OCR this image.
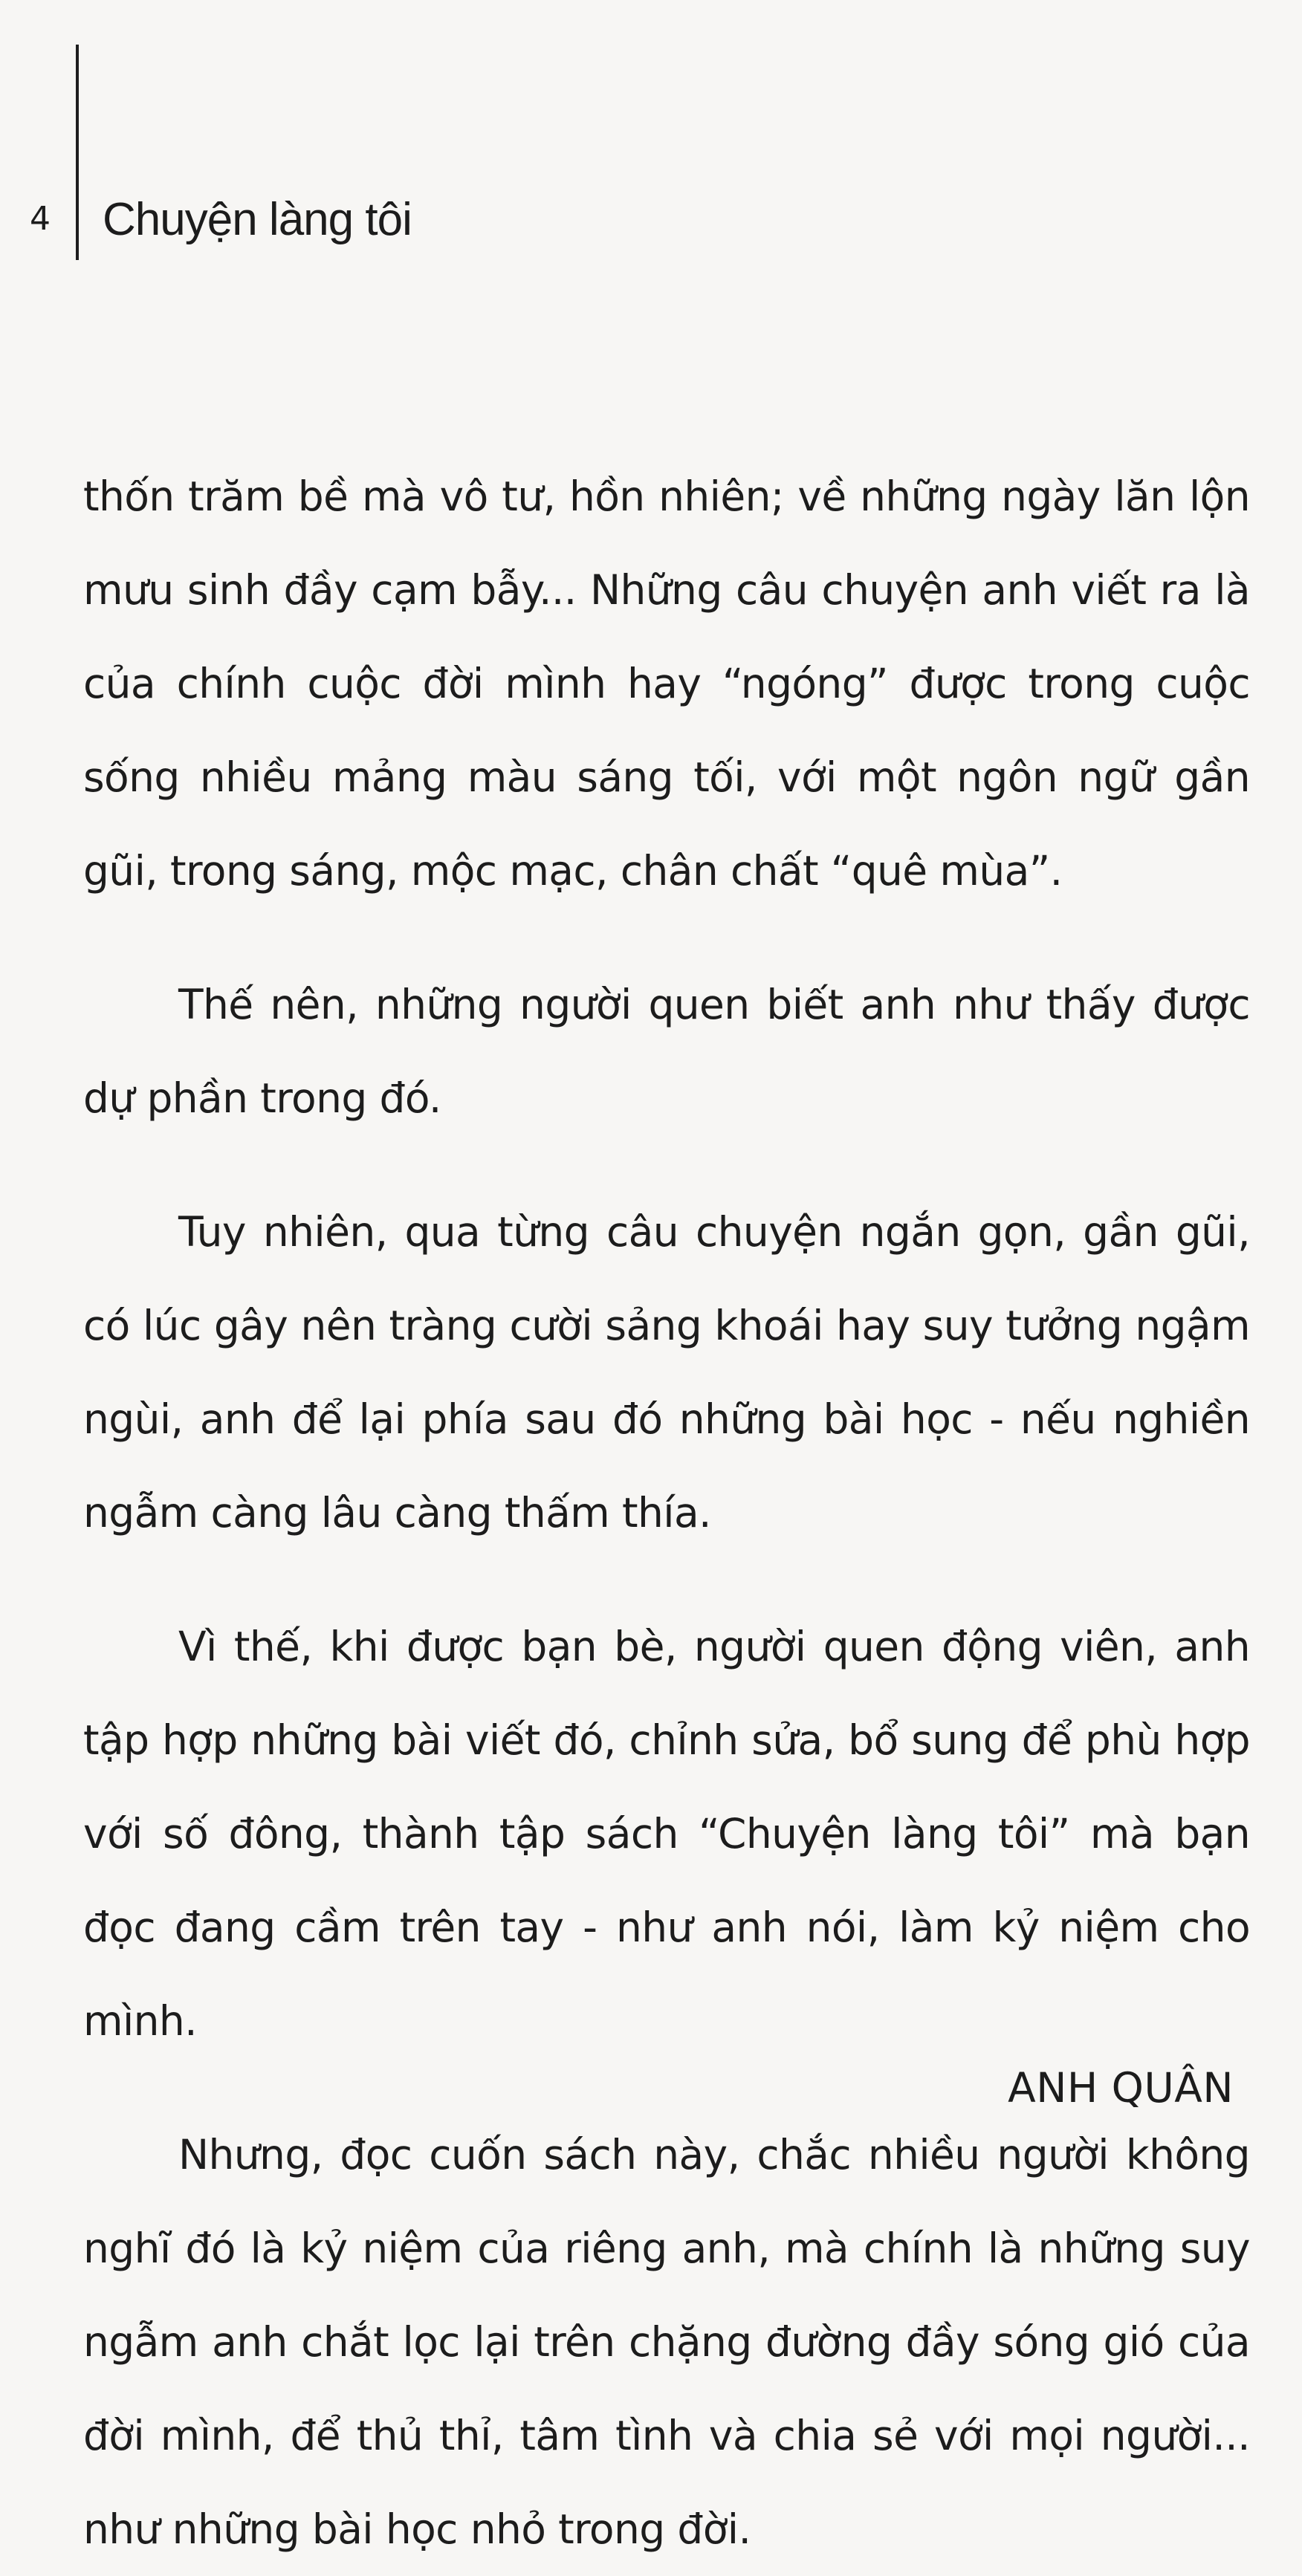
4 Chuyện làng tôi

thốn trăm bề mà vô tư, hồn nhiên; về những ngày lăn lộn mưu sinh đầy cạm bẫy... Những câu chuyện anh viết ra là của chính cuộc đời mình hay “ngóng” được trong cuộc sống nhiều mảng màu sáng tối, với một ngôn ngữ gần gũi, trong sáng, mộc mạc, chân chất “quê mùa”.

Thế nên, những người quen biết anh như thấy được dự phần trong đó.

Tuy nhiên, qua từng câu chuyện ngắn gọn, gần gũi, có lúc gây nên tràng cười sảng khoái hay suy tưởng ngậm ngùi, anh để lại phía sau đó những bài học - nếu nghiền ngẫm càng lâu càng thấm thía.

Vì thế, khi được bạn bè, người quen động viên, anh tập hợp những bài viết đó, chỉnh sửa, bổ sung để phù hợp với số đông, thành tập sách “Chuyện làng tôi” mà bạn đọc đang cầm trên tay - như anh nói, làm kỷ niệm cho mình.

Nhưng, đọc cuốn sách này, chắc nhiều người không nghĩ đó là kỷ niệm của riêng anh, mà chính là những suy ngẫm anh chắt lọc lại trên chặng đường đầy sóng gió của đời mình, để thủ thỉ, tâm tình và chia sẻ với mọi người... như những bài học nhỏ trong đời.

ANH QUÂN
